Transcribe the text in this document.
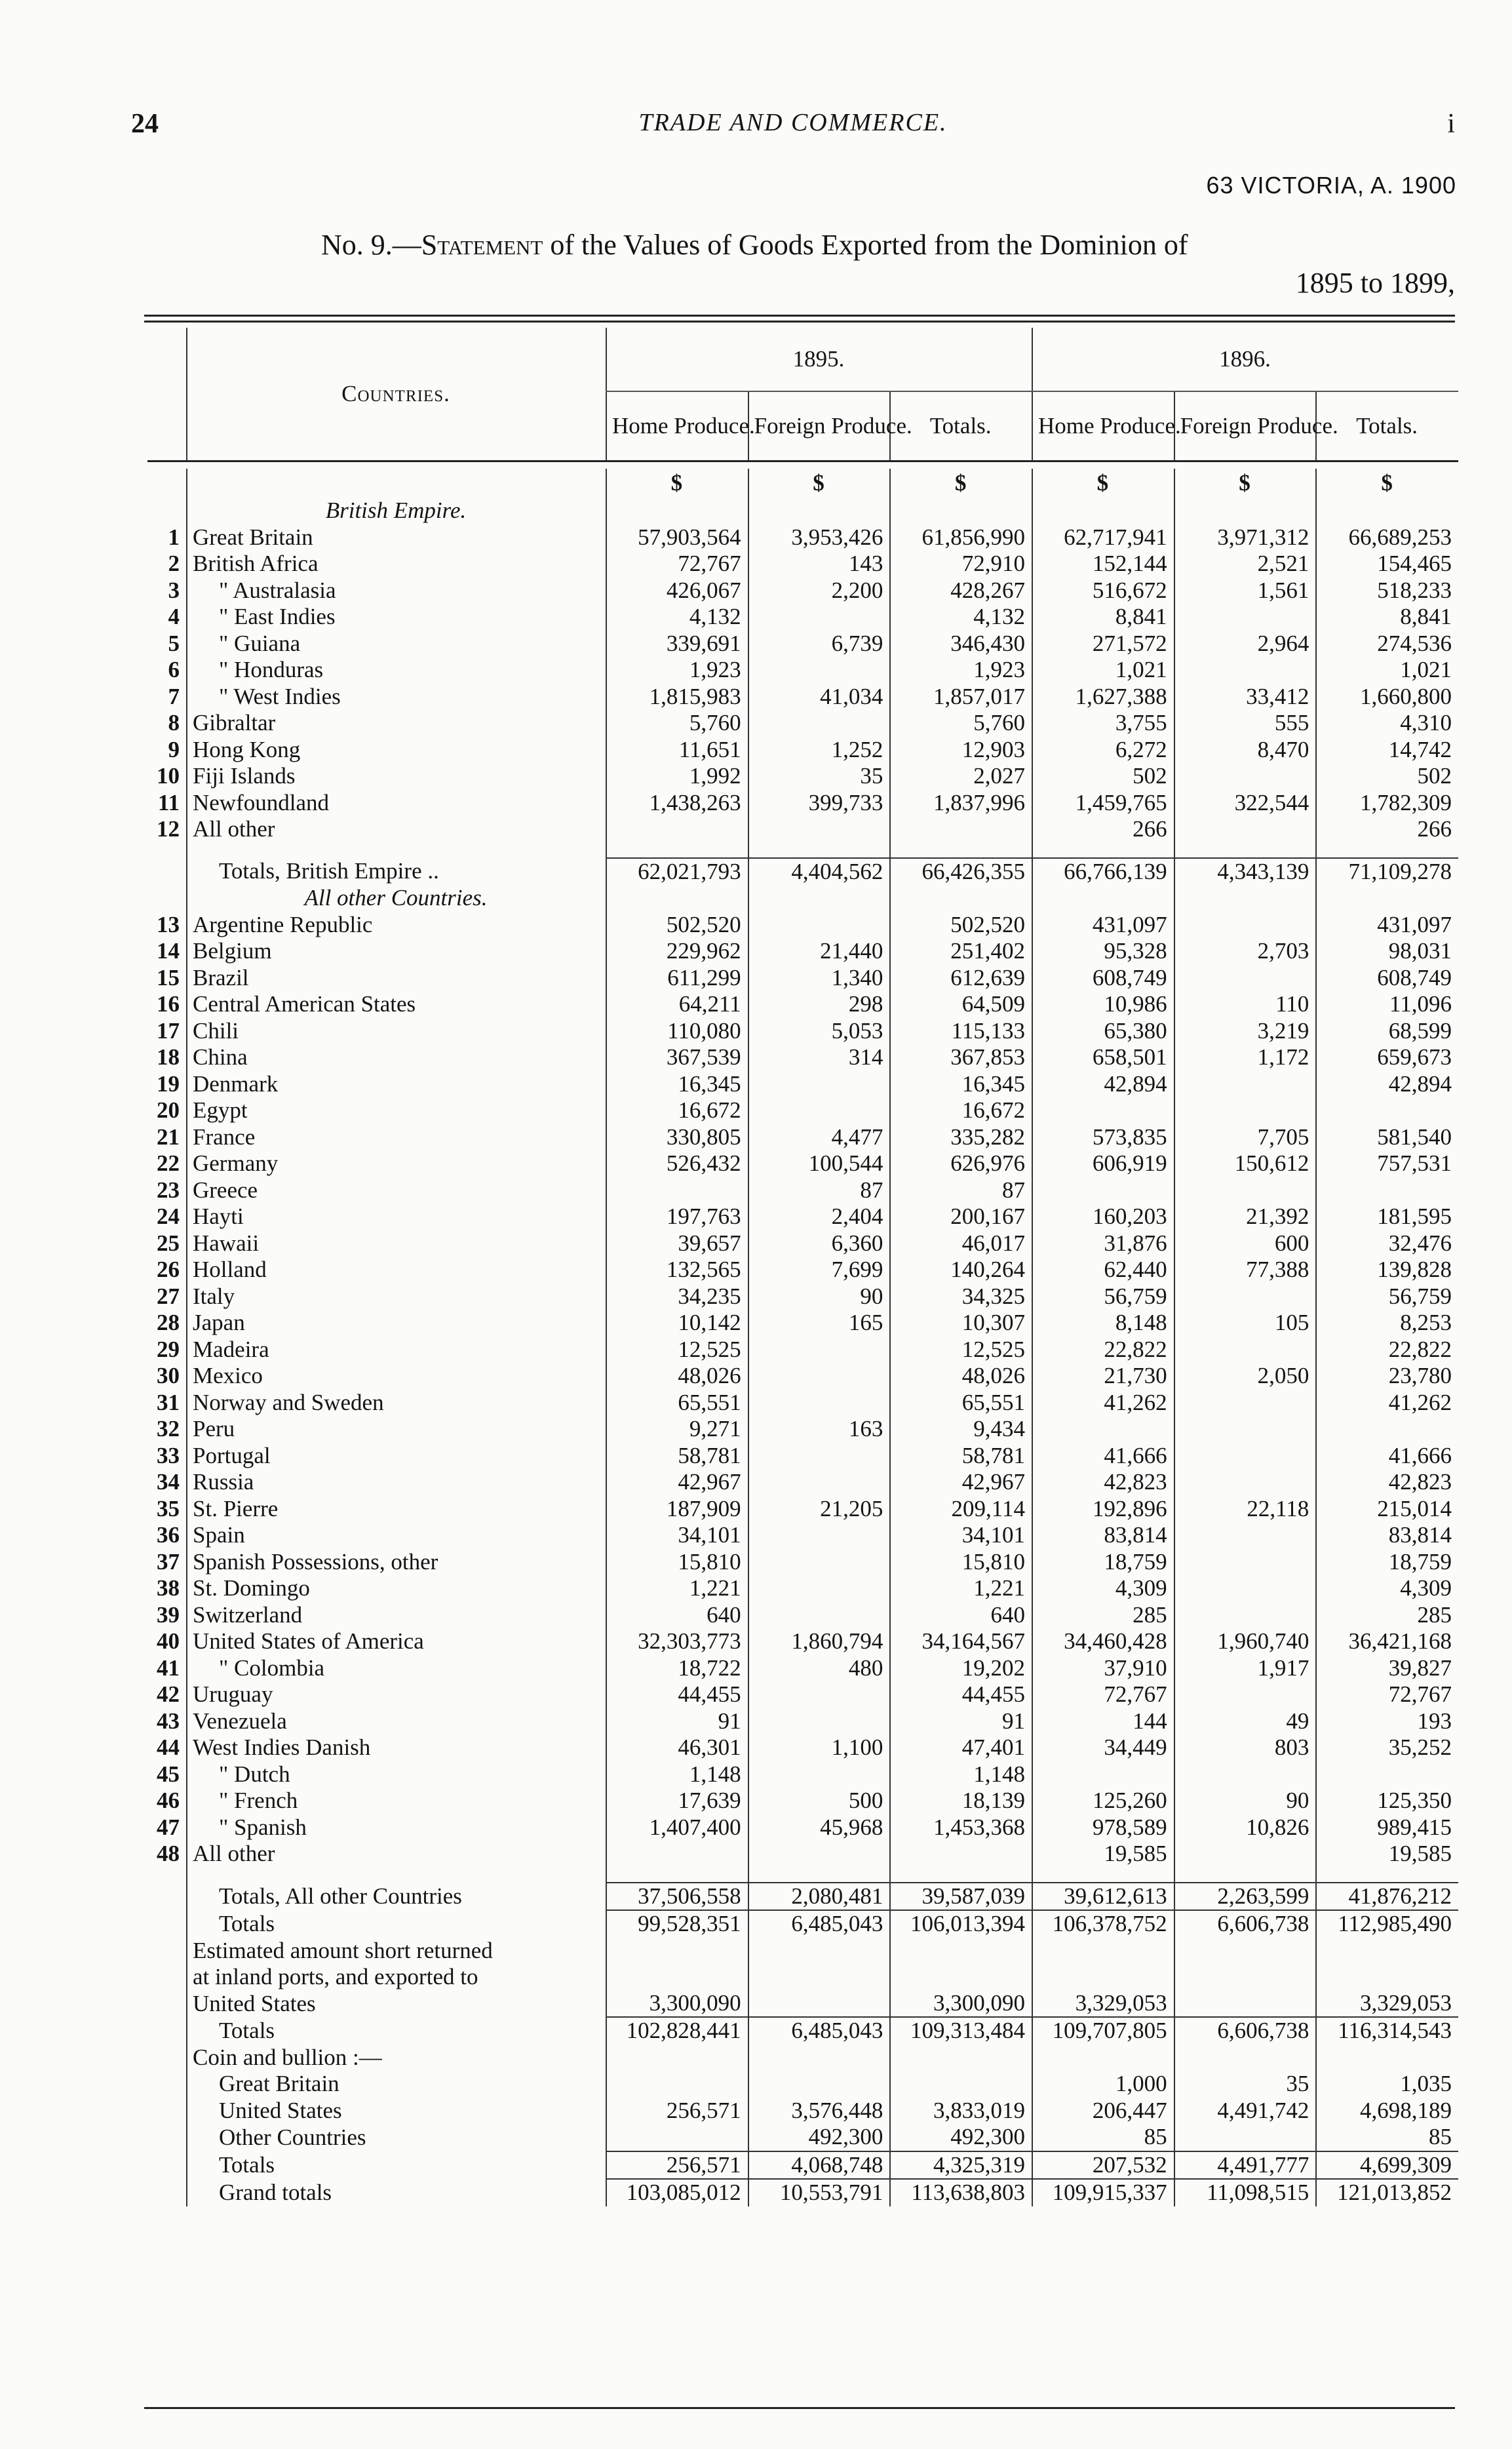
24	TRADE AND COMMERCE.	i
63 VICTORIA, A. 1900
No. 9.—Statement of the Values of Goods Exported from the Dominion of
1895 to 1899,
	Countries.	1895.			1896.		
		Home Produce.	Foreign Produce.	Totals.	Home Produce.	Foreign Produce.	Totals.

		$	$	$	$	$	$
	British Empire.						
1	Great Britain	57,903,564	3,953,426	61,856,990	62,717,941	3,971,312	66,689,253
2	British Africa	72,767	143	72,910	152,144	2,521	154,465
3	" Australasia	426,067	2,200	428,267	516,672	1,561	518,233
4	" East Indies	4,132		4,132	8,841		8,841
5	" Guiana	339,691	6,739	346,430	271,572	2,964	274,536
6	" Honduras	1,923		1,923	1,021		1,021
7	" West Indies	1,815,983	41,034	1,857,017	1,627,388	33,412	1,660,800
8	Gibraltar	5,760		5,760	3,755	555	4,310
9	Hong Kong	11,651	1,252	12,903	6,272	8,470	14,742
10	Fiji Islands	1,992	35	2,027	502		502
11	Newfoundland	1,438,263	399,733	1,837,996	1,459,765	322,544	1,782,309
12	All other				266		266

	Totals, British Empire ..	62,021,793	4,404,562	66,426,355	66,766,139	4,343,139	71,109,278
	All other Countries.						
13	Argentine Republic	502,520		502,520	431,097		431,097
14	Belgium	229,962	21,440	251,402	95,328	2,703	98,031
15	Brazil	611,299	1,340	612,639	608,749		608,749
16	Central American States	64,211	298	64,509	10,986	110	11,096
17	Chili	110,080	5,053	115,133	65,380	3,219	68,599
18	China	367,539	314	367,853	658,501	1,172	659,673
19	Denmark	16,345		16,345	42,894		42,894
20	Egypt	16,672		16,672			
21	France	330,805	4,477	335,282	573,835	7,705	581,540
22	Germany	526,432	100,544	626,976	606,919	150,612	757,531
23	Greece		87	87			
24	Hayti	197,763	2,404	200,167	160,203	21,392	181,595
25	Hawaii	39,657	6,360	46,017	31,876	600	32,476
26	Holland	132,565	7,699	140,264	62,440	77,388	139,828
27	Italy	34,235	90	34,325	56,759		56,759
28	Japan	10,142	165	10,307	8,148	105	8,253
29	Madeira	12,525		12,525	22,822		22,822
30	Mexico	48,026		48,026	21,730	2,050	23,780
31	Norway and Sweden	65,551		65,551	41,262		41,262
32	Peru	9,271	163	9,434			
33	Portugal	58,781		58,781	41,666		41,666
34	Russia	42,967		42,967	42,823		42,823
35	St. Pierre	187,909	21,205	209,114	192,896	22,118	215,014
36	Spain	34,101		34,101	83,814		83,814
37	Spanish Possessions, other	15,810		15,810	18,759		18,759
38	St. Domingo	1,221		1,221	4,309		4,309
39	Switzerland	640		640	285		285
40	United States of America	32,303,773	1,860,794	34,164,567	34,460,428	1,960,740	36,421,168
41	" Colombia	18,722	480	19,202	37,910	1,917	39,827
42	Uruguay	44,455		44,455	72,767		72,767
43	Venezuela	91		91	144	49	193
44	West Indies Danish	46,301	1,100	47,401	34,449	803	35,252
45	" Dutch	1,148		1,148			
46	" French	17,639	500	18,139	125,260	90	125,350
47	" Spanish	1,407,400	45,968	1,453,368	978,589	10,826	989,415
48	All other				19,585		19,585

	Totals, All other Countries	37,506,558	2,080,481	39,587,039	39,612,613	2,263,599	41,876,212
	Totals	99,528,351	6,485,043	106,013,394	106,378,752	6,606,738	112,985,490

	Estimated amount short returned
at inland ports, and exported to
United States	3,300,090		3,300,090	3,329,053		3,329,053
	Totals	102,828,441	6,485,043	109,313,484	109,707,805	6,606,738	116,314,543
	Coin and bullion :—						
	Great Britain				1,000	35	1,035
	United States	256,571	3,576,448	3,833,019	206,447	4,491,742	4,698,189
	Other Countries		492,300	492,300	85		85
	Totals	256,571	4,068,748	4,325,319	207,532	4,491,777	4,699,309
	Grand totals	103,085,012	10,553,791	113,638,803	109,915,337	11,098,515	121,013,852
